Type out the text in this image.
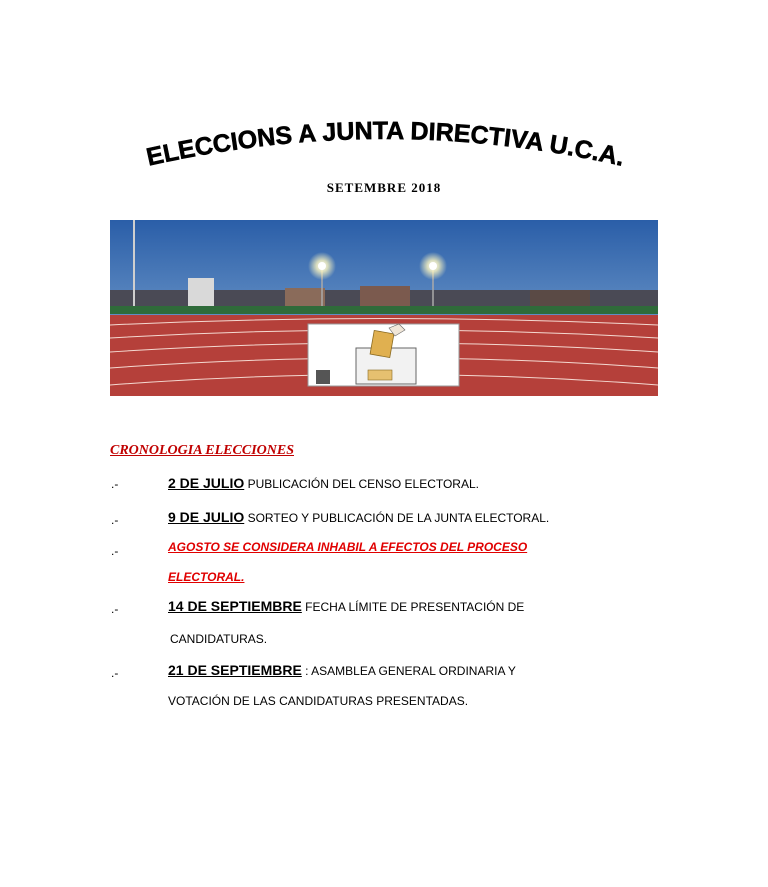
ELECCIONS A JUNTA DIRECTIVA U.C.A.
SETEMBRE 2018
CRONOLOGIA ELECCIONES
.-	2 DE JULIO PUBLICACIÓN DEL CENSO ELECTORAL.
.-	9 DE JULIO SORTEO Y PUBLICACIÓN DE LA JUNTA ELECTORAL.
.-	AGOSTO SE CONSIDERA INHABIL A EFECTOS DEL PROCESO
ELECTORAL.
.-	14 DE SEPTIEMBRE FECHA LÍMITE DE PRESENTACIÓN DE
CANDIDATURAS.
.-	21 DE SEPTIEMBRE : ASAMBLEA GENERAL ORDINARIA Y
VOTACIÓN DE LAS CANDIDATURAS PRESENTADAS.
